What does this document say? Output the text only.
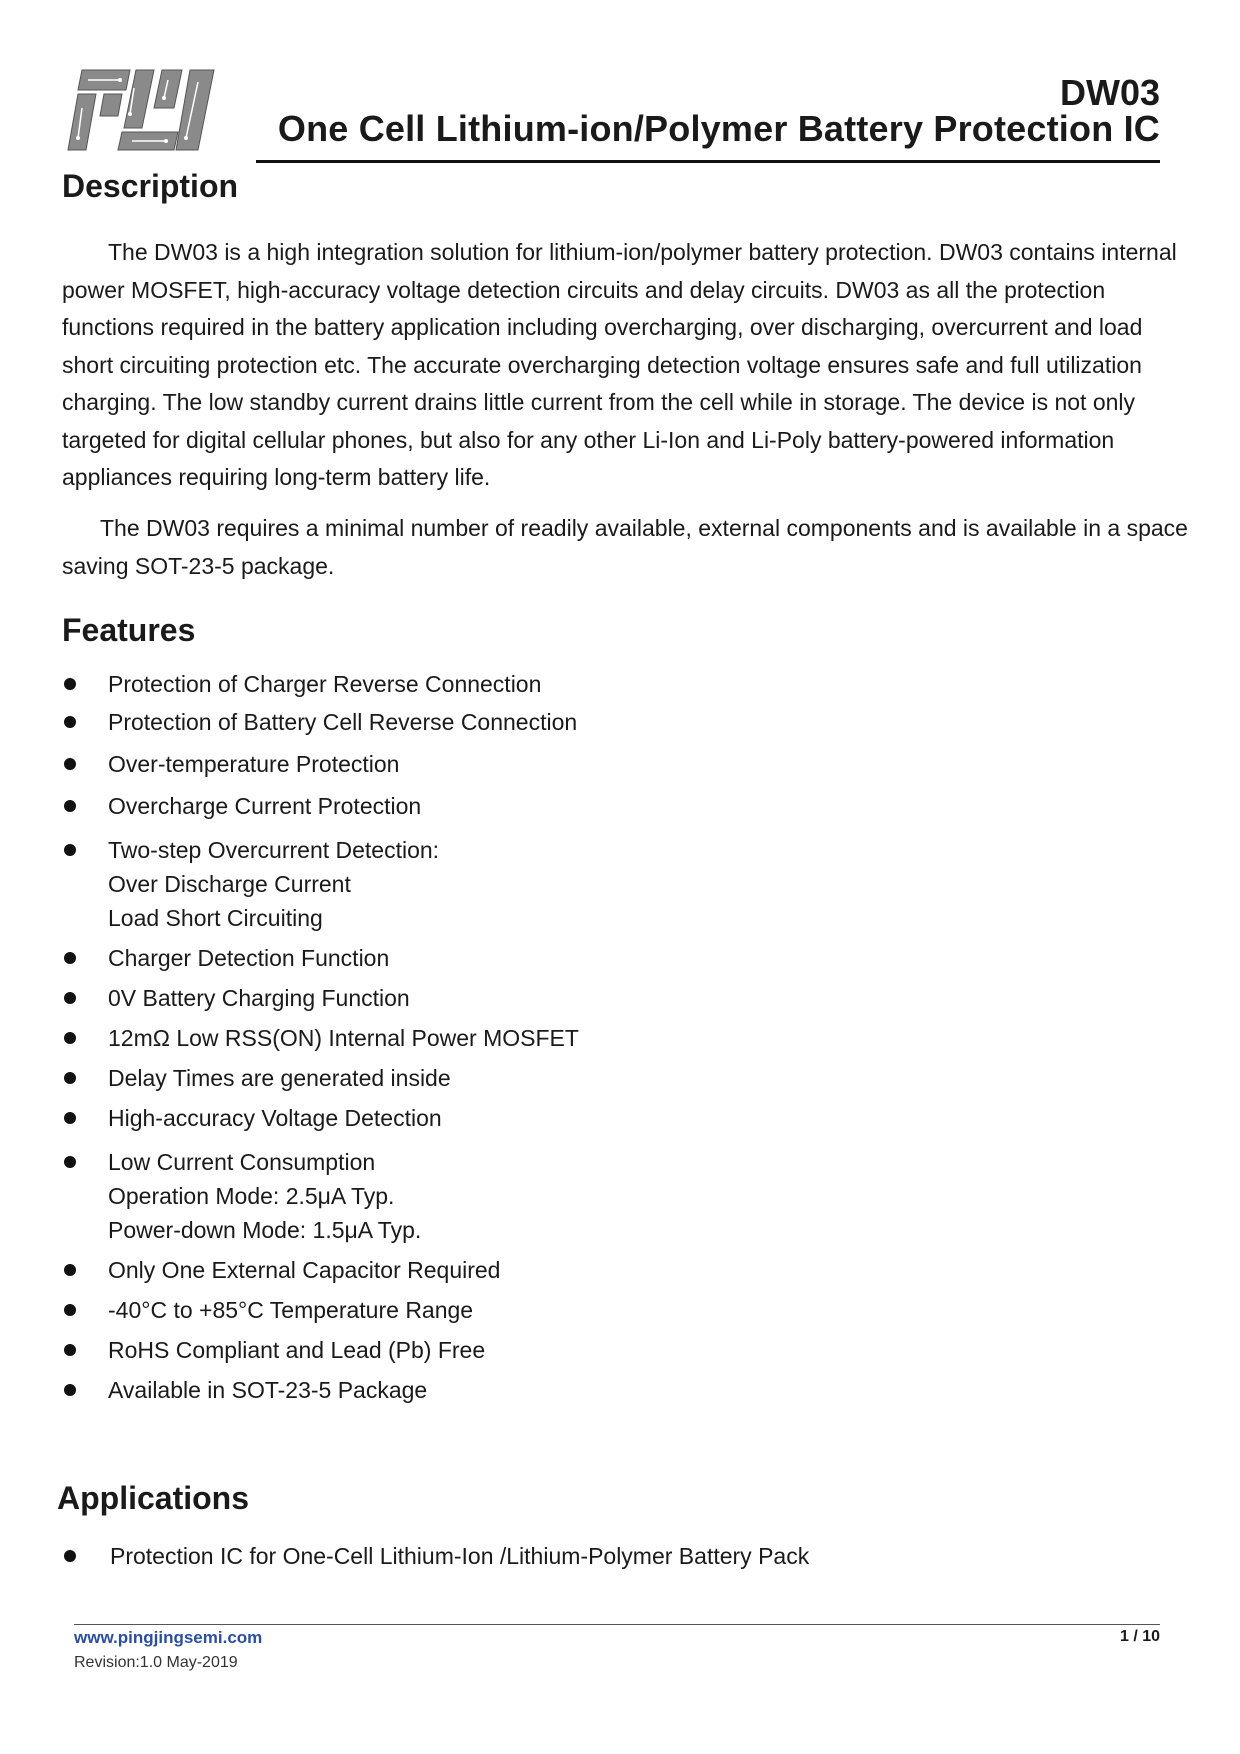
DW03
One Cell Lithium-ion/Polymer Battery Protection IC
Description

The DW03 is a high integration solution for lithium-ion/polymer battery protection. DW03 contains internal power MOSFET, high-accuracy voltage detection circuits and delay circuits. DW03 as all the protection functions required in the battery application including overcharging, over discharging, overcurrent and load short circuiting protection etc. The accurate overcharging detection voltage ensures safe and full utilization charging. The low standby current drains little current from the cell while in storage. The device is not only targeted for digital cellular phones, but also for any other Li-Ion and Li-Poly battery-powered information appliances requiring long-term battery life.

The DW03 requires a minimal number of readily available, external components and is available in a space saving SOT-23-5 package.

Features
Protection of Charger Reverse Connection
Protection of Battery Cell Reverse Connection
Over-temperature Protection
Overcharge Current Protection
Two-step Overcurrent Detection:
Over Discharge Current
Load Short Circuiting
Charger Detection Function
0V Battery Charging Function
12mΩ Low RSS(ON) Internal Power MOSFET
Delay Times are generated inside
High-accuracy Voltage Detection
Low Current Consumption
Operation Mode: 2.5μA Typ.
Power-down Mode: 1.5μA Typ.
Only One External Capacitor Required
-40°C to +85°C Temperature Range
RoHS Compliant and Lead (Pb) Free
Available in SOT-23-5 Package
Applications
Protection IC for One-Cell Lithium-Ion /Lithium-Polymer Battery Pack
www.pingjingsemi.com	1 / 10
Revision:1.0 May-2019
